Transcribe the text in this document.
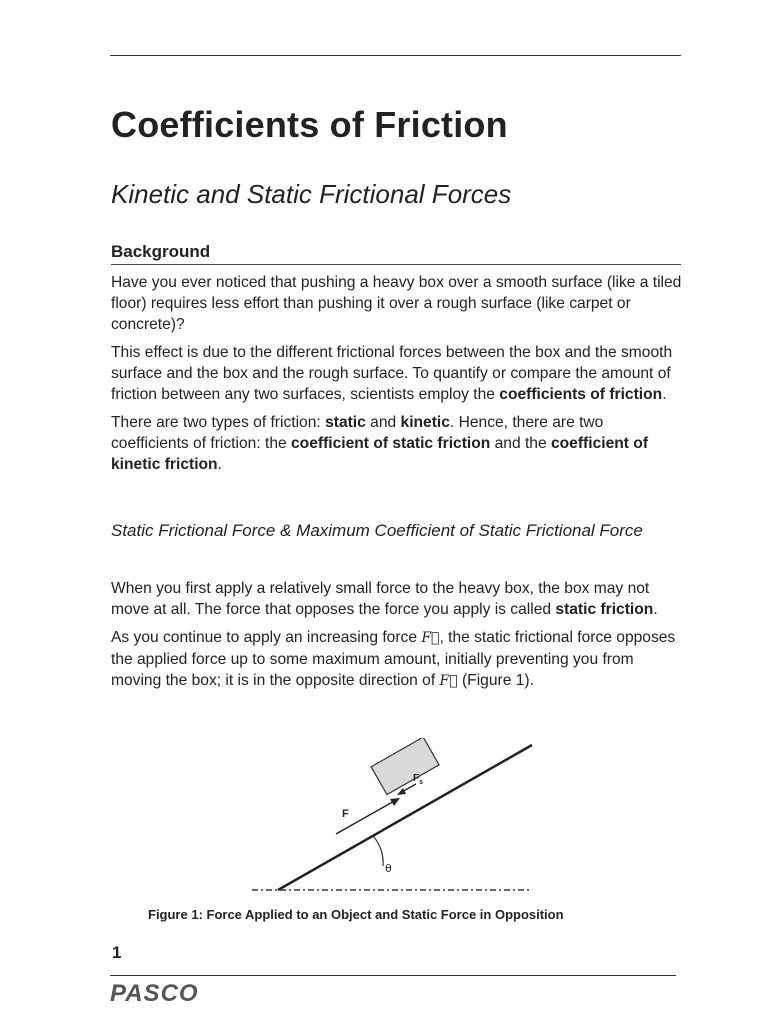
Coefficients of Friction
Kinetic and Static Frictional Forces
Background

Have you ever noticed that pushing a heavy box over a smooth surface (like a tiled floor) requires less effort than pushing it over a rough surface (like carpet or concrete)?

This effect is due to the different frictional forces between the box and the smooth surface and the box and the rough surface. To quantify or compare the amount of friction between any two surfaces, scientists employ the coefficients of friction.

There are two types of friction: static and kinetic. Hence, there are two coefficients of friction: the coefficient of static friction and the coefficient of kinetic friction.

Static Frictional Force & Maximum Coefficient of Static Frictional Force

When you first apply a relatively small force to the heavy box, the box may not move at all. The force that opposes the force you apply is called static friction.

As you continue to apply an increasing force F⃗, the static frictional force opposes the applied force up to some maximum amount, initially preventing you from moving the box; it is in the opposite direction of F⃗ (Figure 1).

F
$F_s$
θ
Figure 1: Force Applied to an Object and Static Force in Opposition
1
PASCO
